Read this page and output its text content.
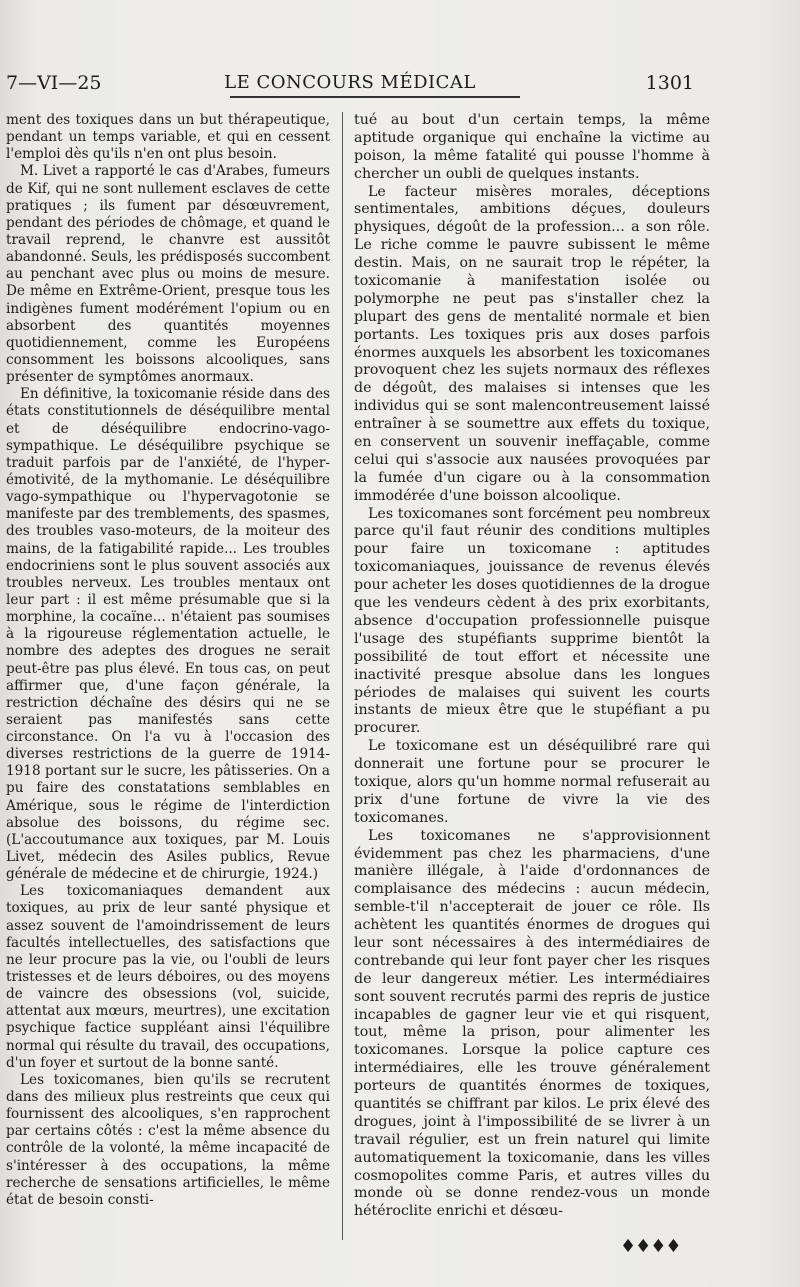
7—VI—25	LE CONCOURS MÉDICAL	1301

ment des toxiques dans un but thérapeutique, pendant un temps variable, et qui en cessent l'emploi dès qu'ils n'en ont plus besoin.

M. Livet a rapporté le cas d'Arabes, fumeurs de Kif, qui ne sont nullement esclaves de cette pratiques ; ils fument par désœuvrement, pendant des périodes de chômage, et quand le travail reprend, le chanvre est aussitôt abandonné. Seuls, les prédisposés succombent au penchant avec plus ou moins de mesure. De même en Extrême-Orient, presque tous les indigènes fument modérément l'opium ou en absorbent des quantités moyennes quotidiennement, comme les Européens consomment les boissons alcooliques, sans présenter de symptômes anormaux.

En définitive, la toxicomanie réside dans des états constitutionnels de déséquilibre mental et de déséquilibre endocrino-vago-sympathique. Le déséquilibre psychique se traduit parfois par de l'anxiété, de l'hyper-émotivité, de la mythomanie. Le déséquilibre vago-sympathique ou l'hypervagotonie se manifeste par des tremblements, des spasmes, des troubles vaso-moteurs, de la moiteur des mains, de la fatigabilité rapide... Les troubles endocriniens sont le plus souvent associés aux troubles nerveux. Les troubles mentaux ont leur part : il est même présumable que si la morphine, la cocaïne... n'étaient pas soumises à la rigoureuse réglementation actuelle, le nombre des adeptes des drogues ne serait peut-être pas plus élevé. En tous cas, on peut affirmer que, d'une façon générale, la restriction déchaîne des désirs qui ne se seraient pas manifestés sans cette circonstance. On l'a vu à l'occasion des diverses restrictions de la guerre de 1914-1918 portant sur le sucre, les pâtisseries. On a pu faire des constatations semblables en Amérique, sous le régime de l'interdiction absolue des boissons, du régime sec. (L'accoutumance aux toxiques, par M. Louis Livet, médecin des Asiles publics, Revue générale de médecine et de chirurgie, 1924.)

Les toxicomaniaques demandent aux toxiques, au prix de leur santé physique et assez souvent de l'amoindrissement de leurs facultés intellectuelles, des satisfactions que ne leur procure pas la vie, ou l'oubli de leurs tristesses et de leurs déboires, ou des moyens de vaincre des obsessions (vol, suicide, attentat aux mœurs, meurtres), une excitation psychique factice suppléant ainsi l'équilibre normal qui résulte du travail, des occupations, d'un foyer et surtout de la bonne santé.

Les toxicomanes, bien qu'ils se recrutent dans des milieux plus restreints que ceux qui fournissent des alcooliques, s'en rapprochent par certains côtés : c'est la même absence du contrôle de la volonté, la même incapacité de s'intéresser à des occupations, la même recherche de sensations artificielles, le même état de besoin consti-

tué au bout d'un certain temps, la même aptitude organique qui enchaîne la victime au poison, la même fatalité qui pousse l'homme à chercher un oubli de quelques instants.

Le facteur misères morales, déceptions sentimentales, ambitions déçues, douleurs physiques, dégoût de la profession... a son rôle. Le riche comme le pauvre subissent le même destin. Mais, on ne saurait trop le répéter, la toxicomanie à manifestation isolée ou polymorphe ne peut pas s'installer chez la plupart des gens de mentalité normale et bien portants. Les toxiques pris aux doses parfois énormes auxquels les absorbent les toxicomanes provoquent chez les sujets normaux des réflexes de dégoût, des malaises si intenses que les individus qui se sont malencontreusement laissé entraîner à se soumettre aux effets du toxique, en conservent un souvenir ineffaçable, comme celui qui s'associe aux nausées provoquées par la fumée d'un cigare ou à la consommation immodérée d'une boisson alcoolique.

Les toxicomanes sont forcément peu nombreux parce qu'il faut réunir des conditions multiples pour faire un toxicomane : aptitudes toxicomaniaques, jouissance de revenus élevés pour acheter les doses quotidiennes de la drogue que les vendeurs cèdent à des prix exorbitants, absence d'occupation professionnelle puisque l'usage des stupéfiants supprime bientôt la possibilité de tout effort et nécessite une inactivité presque absolue dans les longues périodes de malaises qui suivent les courts instants de mieux être que le stupéfiant a pu procurer.

Le toxicomane est un déséquilibré rare qui donnerait une fortune pour se procurer le toxique, alors qu'un homme normal refuserait au prix d'une fortune de vivre la vie des toxicomanes.

Les toxicomanes ne s'approvisionnent évidemment pas chez les pharmaciens, d'une manière illégale, à l'aide d'ordonnances de complaisance des médecins : aucun médecin, semble-t'il n'accepterait de jouer ce rôle. Ils achètent les quantités énormes de drogues qui leur sont nécessaires à des intermédiaires de contrebande qui leur font payer cher les risques de leur dangereux métier. Les intermédiaires sont souvent recrutés parmi des repris de justice incapables de gagner leur vie et qui risquent, tout, même la prison, pour alimenter les toxicomanes. Lorsque la police capture ces intermédiaires, elle les trouve généralement porteurs de quantités énormes de toxiques, quantités se chiffrant par kilos. Le prix élevé des drogues, joint à l'impossibilité de se livrer à un travail régulier, est un frein naturel qui limite automatiquement la toxicomanie, dans les villes cosmopolites comme Paris, et autres villes du monde où se donne rendez-vous un monde hétéroclite enrichi et désœu-

♦♦♦♦
